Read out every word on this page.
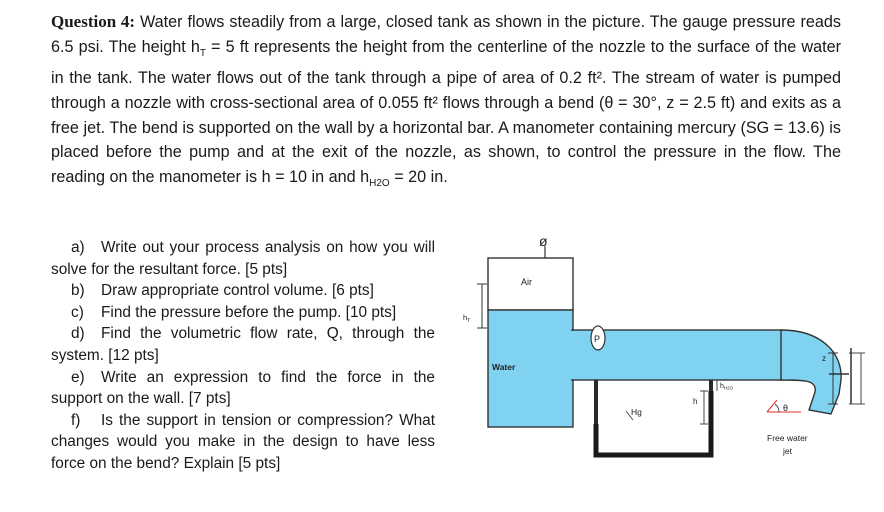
Question 4: Water flows steadily from a large, closed tank as shown in the picture. The gauge pressure reads 6.5 psi. The height $h_T = 5$ ft represents the height from the centerline of the nozzle to the surface of the water in the tank. The water flows out of the tank through a pipe of area of 0.2 ft². The stream of water is pumped through a nozzle with cross-sectional area of 0.055 ft² flows through a bend (θ = 30°, z = 2.5 ft) and exits as a free jet. The bend is supported on the wall by a horizontal bar. A manometer containing mercury (SG = 13.6) is placed before the pump and at the exit of the nozzle, as shown, to control the pressure in the flow. The reading on the manometer is h = 10 in and $h_{H2O} = 20$ in.
a) Write out your process analysis on how you will solve for the resultant force. [5 pts]
b) Draw appropriate control volume. [6 pts]
c) Find the pressure before the pump. [10 pts]
d) Find the volumetric flow rate, Q, through the system. [12 pts]
e) Write an expression to find the force in the support on the wall. [7 pts]
f) Is the support in tension or compression? What changes would you make in the design to have less force on the bend? Explain [5 pts]
ø
Air
Water
P
$h_T$
Hg
h
$h_{H2O}$
z
θ
Free water
jet
